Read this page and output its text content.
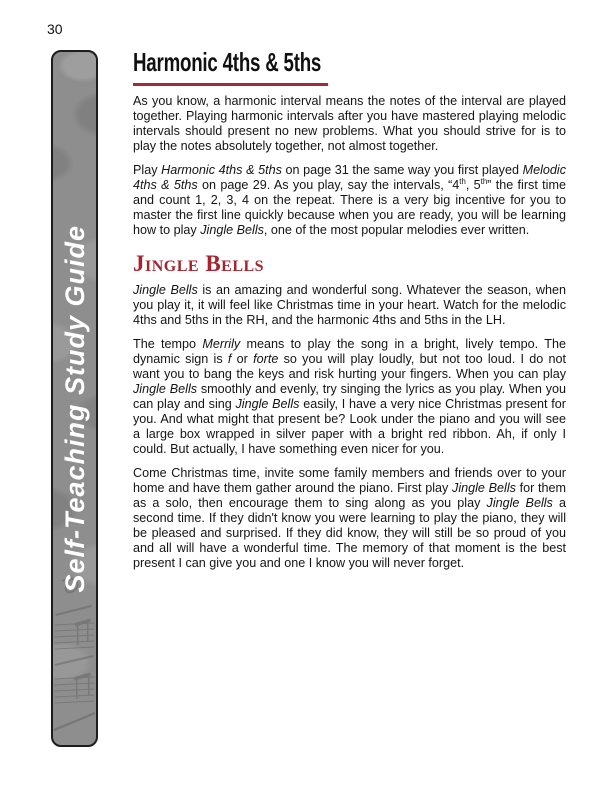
30
Self-Teaching Study Guide
Harmonic 4ths & 5ths

As you know, a harmonic interval means the notes of the interval are played together. Playing harmonic intervals after you have mastered playing melodic intervals should present no new problems. What you should strive for is to play the notes absolutely together, not almost together.

Play Harmonic 4ths & 5ths on page 31 the same way you first played Melodic 4ths & 5ths on page 29. As you play, say the intervals, “4th, 5th” the first time and count 1, 2, 3, 4 on the repeat. There is a very big incentive for you to master the first line quickly because when you are ready, you will be learning how to play Jingle Bells, one of the most popular melodies ever written.

Jingle Bells

Jingle Bells is an amazing and wonderful song. Whatever the season, when you play it, it will feel like Christmas time in your heart. Watch for the melodic 4ths and 5ths in the RH, and the harmonic 4ths and 5ths in the LH.

The tempo Merrily means to play the song in a bright, lively tempo. The dynamic sign is f or forte so you will play loudly, but not too loud. I do not want you to bang the keys and risk hurting your fingers. When you can play Jingle Bells smoothly and evenly, try singing the lyrics as you play. When you can play and sing Jingle Bells easily, I have a very nice Christmas present for you. And what might that present be? Look under the piano and you will see a large box wrapped in silver paper with a bright red ribbon. Ah, if only I could. But actually, I have something even nicer for you.

Come Christmas time, invite some family members and friends over to your home and have them gather around the piano. First play Jingle Bells for them as a solo, then encourage them to sing along as you play Jingle Bells a second time. If they didn't know you were learning to play the piano, they will be pleased and surprised. If they did know, they will still be so proud of you and all will have a wonderful time. The memory of that moment is the best present I can give you and one I know you will never forget.
